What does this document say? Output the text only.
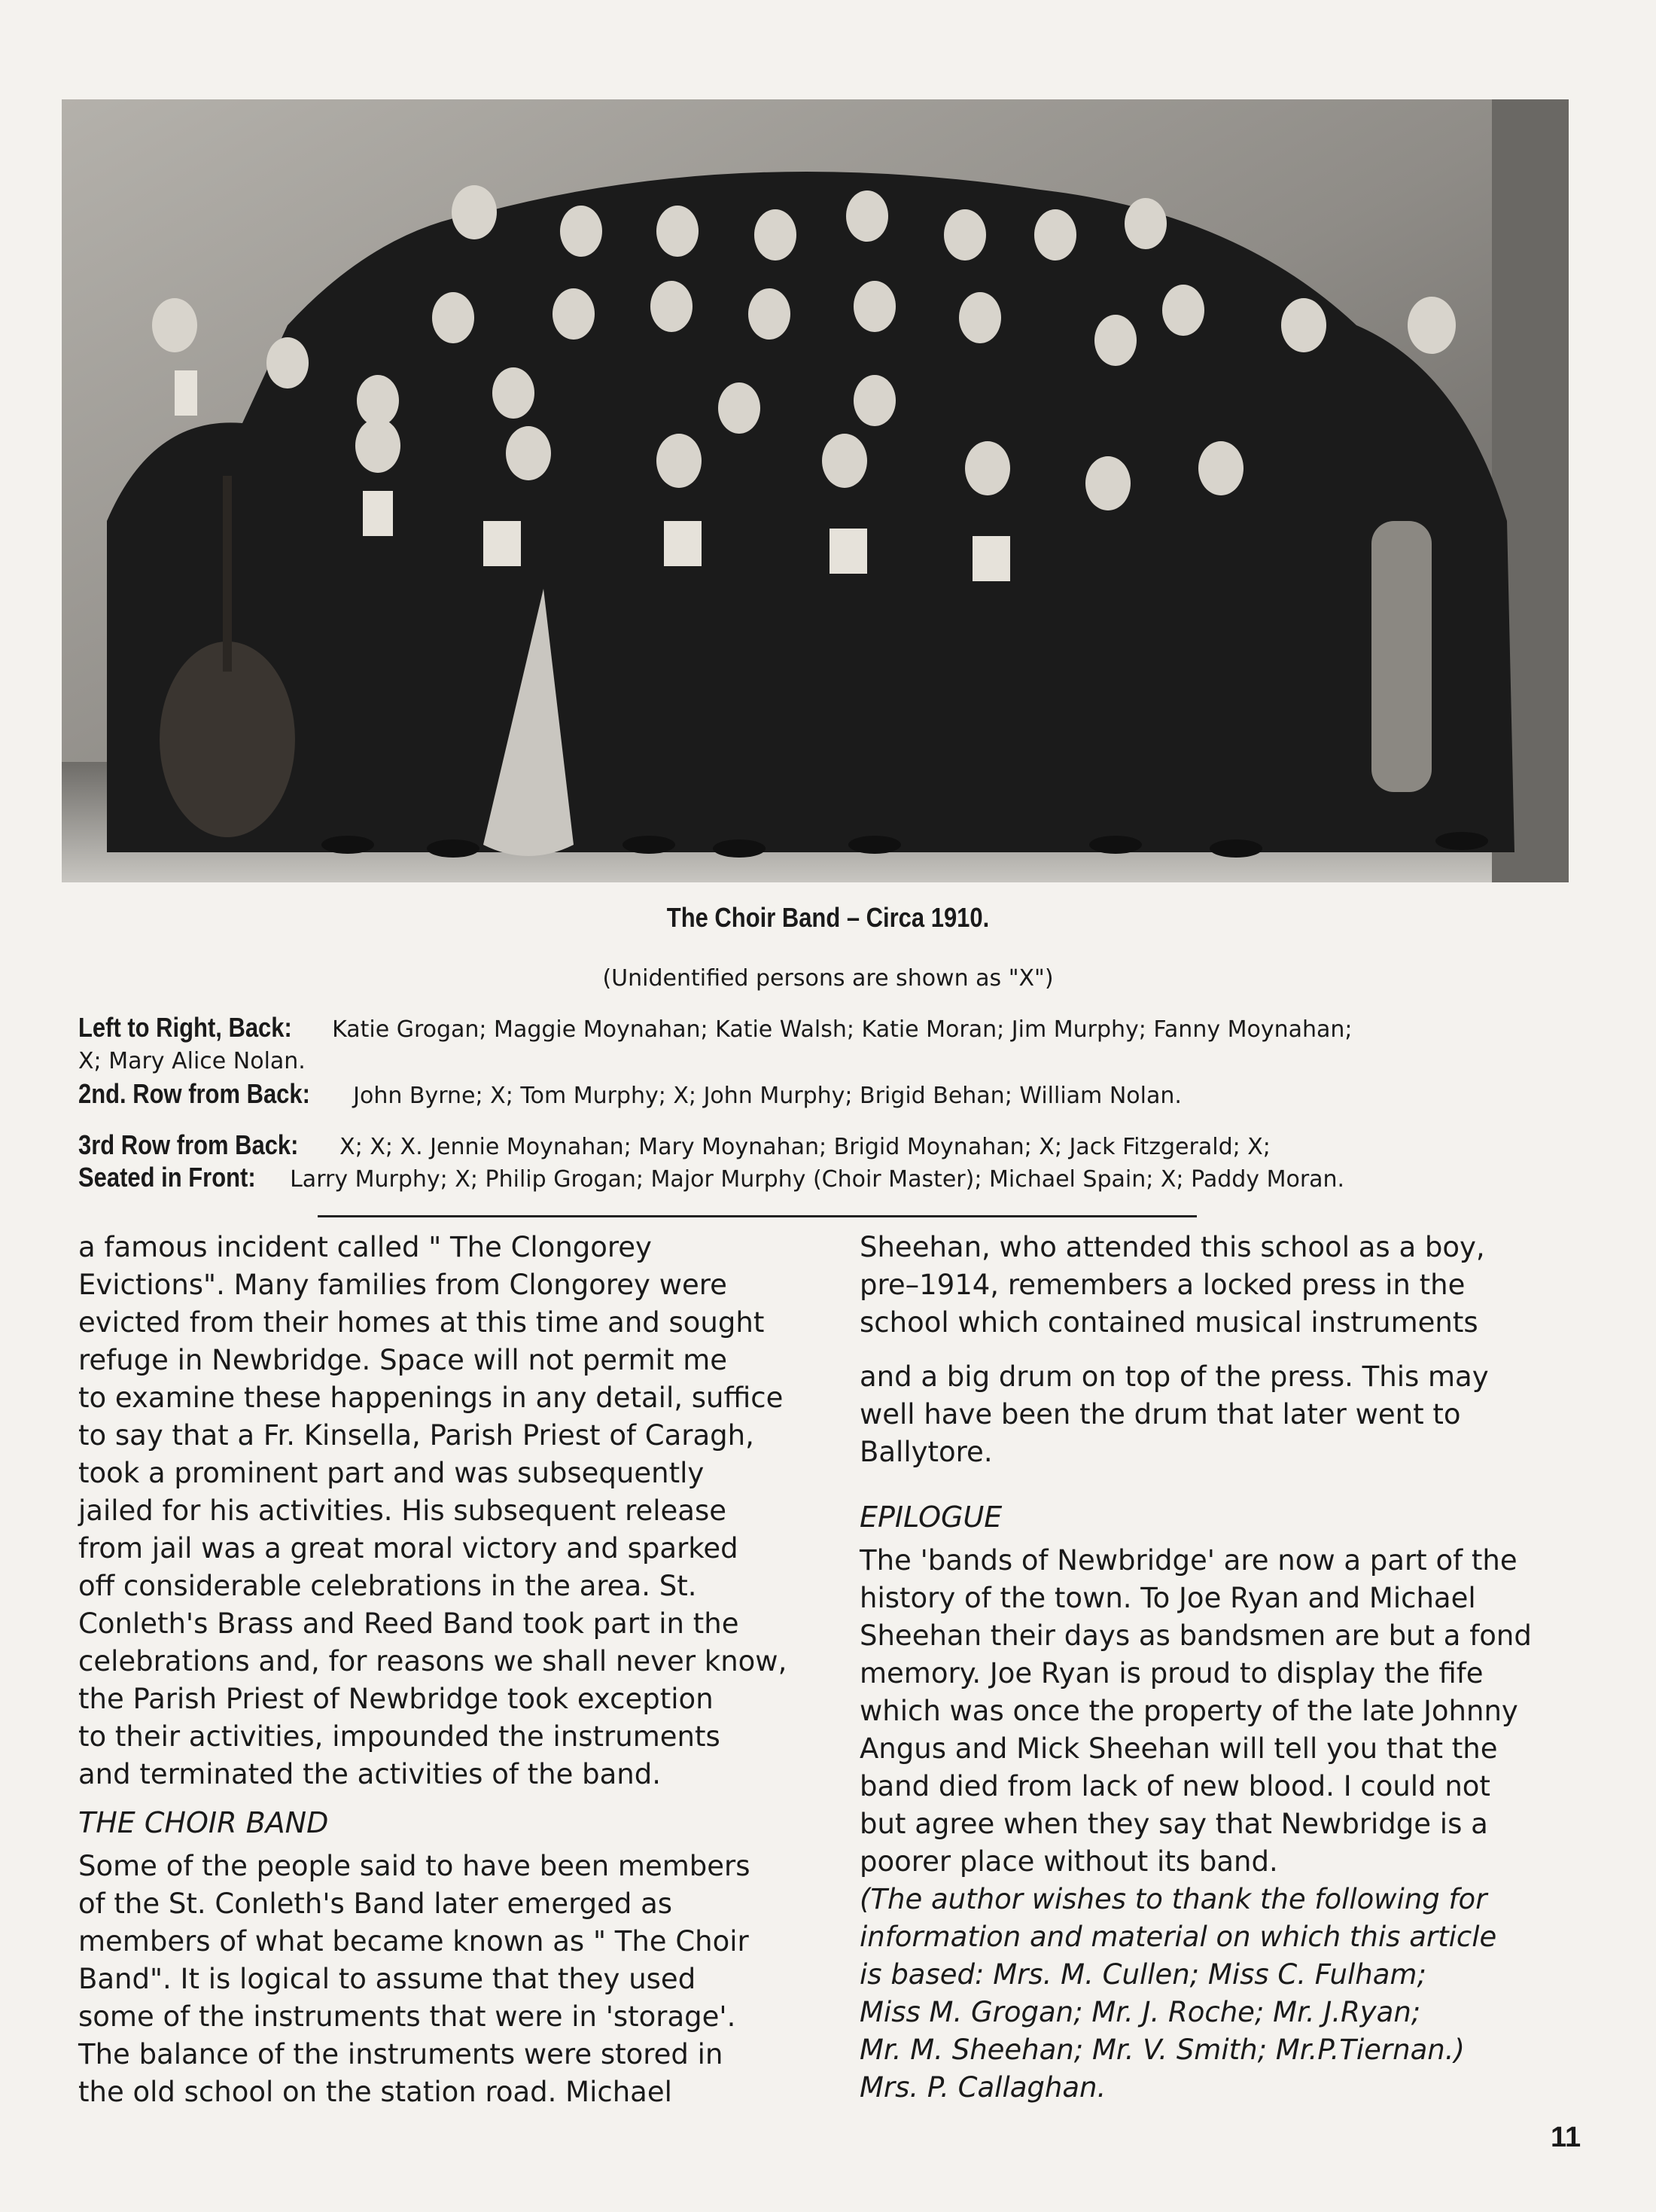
The Choir Band – Circa 1910.
(Unidentified persons are shown as "X")
Left to Right, Back: Katie Grogan; Maggie Moynahan; Katie Walsh; Katie Moran; Jim Murphy; Fanny Moynahan;
X; Mary Alice Nolan.
2nd. Row from Back: John Byrne; X; Tom Murphy; X; John Murphy; Brigid Behan; William Nolan.
3rd Row from Back: X; X; X. Jennie Moynahan; Mary Moynahan; Brigid Moynahan; X; Jack Fitzgerald; X;
Seated in Front: Larry Murphy; X; Philip Grogan; Major Murphy (Choir Master); Michael Spain; X; Paddy Moran.

a famous incident called " The Clongorey
Evictions". Many families from Clongorey were
evicted from their homes at this time and sought
refuge in Newbridge. Space will not permit me
to examine these happenings in any detail, suffice
to say that a Fr. Kinsella, Parish Priest of Caragh,
took a prominent part and was subsequently
jailed for his activities. His subsequent release
from jail was a great moral victory and sparked
off considerable celebrations in the area. St.
Conleth's Brass and Reed Band took part in the
celebrations and, for reasons we shall never know,
the Parish Priest of Newbridge took exception
to their activities, impounded the instruments
and terminated the activities of the band.

THE CHOIR BAND

Some of the people said to have been members
of the St. Conleth's Band later emerged as
members of what became known as " The Choir
Band". It is logical to assume that they used
some of the instruments that were in 'storage'.
The balance of the instruments were stored in
the old school on the station road. Michael

Sheehan, who attended this school as a boy,
pre–1914, remembers a locked press in the
school which contained musical instruments

and a big drum on top of the press. This may
well have been the drum that later went to
Ballytore.

EPILOGUE

The 'bands of Newbridge' are now a part of the
history of the town. To Joe Ryan and Michael
Sheehan their days as bandsmen are but a fond
memory. Joe Ryan is proud to display the fife
which was once the property of the late Johnny
Angus and Mick Sheehan will tell you that the
band died from lack of new blood. I could not
but agree when they say that Newbridge is a
poorer place without its band.

(The author wishes to thank the following for
information and material on which this article
is based: Mrs. M. Cullen; Miss C. Fulham;
Miss M. Grogan; Mr. J. Roche; Mr. J.Ryan;
Mr. M. Sheehan; Mr. V. Smith; Mr.P.Tiernan.)
Mrs. P. Callaghan.

11
